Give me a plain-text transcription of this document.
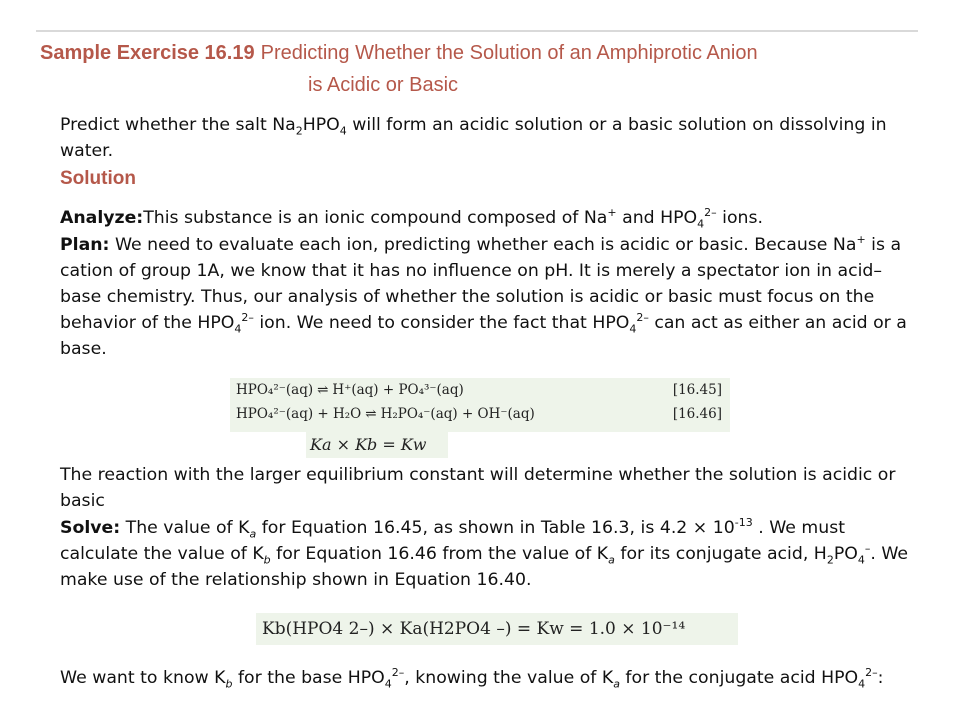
Sample Exercise 16.19 Predicting Whether the Solution of an Amphiprotic Anion
is Acidic or Basic
Predict whether the salt $Na_2HPO_4$ will form an acidic solution or a basic solution on dissolving in water.
Solution
Analyze:This substance is an ionic compound composed of Na+ and $HPO_4^{2-}$ ions.
Plan: We need to evaluate each ion, predicting whether each is acidic or basic. Because Na+ is a cation of group 1A, we know that it has no influence on pH. It is merely a spectator ion in acid–base chemistry. Thus, our analysis of whether the solution is acidic or basic must focus on the behavior of the $HPO_4^{2-}$ ion. We need to consider the fact that $HPO_4^{2-}$ can act as either an acid or a base.
HPO₄²⁻(aq) ⇌ H⁺(aq) + PO₄³⁻(aq)	[16.45]
HPO₄²⁻(aq) + H₂O ⇌ H₂PO₄⁻(aq) + OH⁻(aq)	[16.46]
Ka × Kb = Kw
The reaction with the larger equilibrium constant will determine whether the solution is acidic or basic
Solve: The value of $K_a$ for Equation 16.45, as shown in Table 16.3, is $4.2 \times 10^{-13}$ . We must calculate the value of $K_b$ for Equation 16.46 from the value of $K_a$ for its conjugate acid, $H_2PO_4^-$. We make use of the relationship shown in Equation 16.40.
Kb(HPO4 2–) × Ka(H2PO4 –) = Kw = 1.0 × 10⁻¹⁴
We want to know $K_b$ for the base $HPO_4^{2-}$, knowing the value of $K_a$ for the conjugate acid $HPO_4^{2-}$:
